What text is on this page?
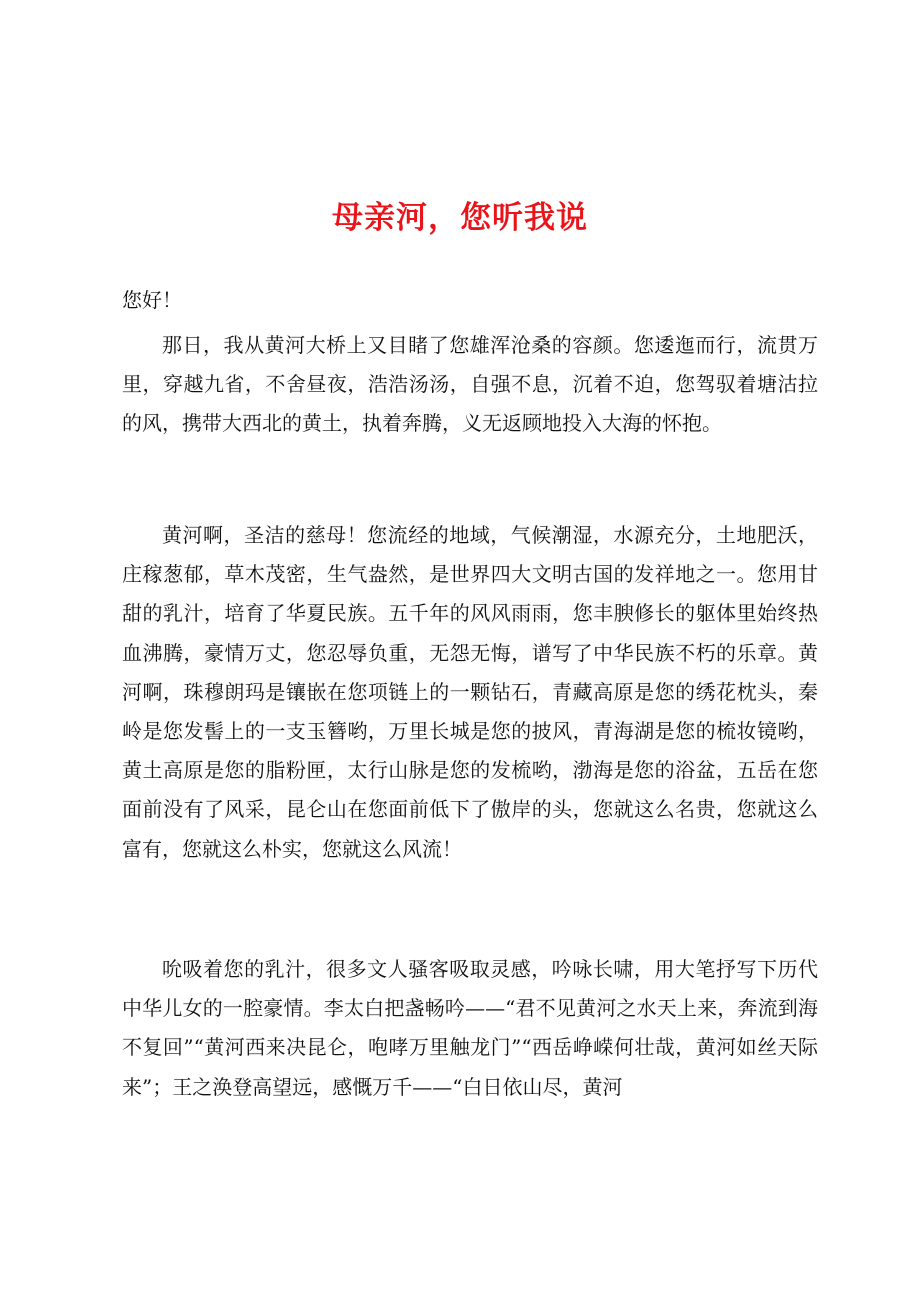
母亲河，您听我说
您好！

那日，我从黄河大桥上又目睹了您雄浑沧桑的容颜。您逶迤而行，流贯万里，穿越九省，不舍昼夜，浩浩汤汤，自强不息，沉着不迫，您驾驭着塘沽拉的风，携带大西北的黄土，执着奔腾，义无返顾地投入大海的怀抱。

黄河啊，圣洁的慈母！您流经的地域，气候潮湿，水源充分，土地肥沃，庄稼葱郁，草木茂密，生气盎然，是世界四大文明古国的发祥地之一。您用甘甜的乳汁，培育了华夏民族。五千年的风风雨雨，您丰腴修长的躯体里始终热血沸腾，豪情万丈，您忍辱负重，无怨无悔，谱写了中华民族不朽的乐章。黄河啊，珠穆朗玛是镶嵌在您项链上的一颗钻石，青藏高原是您的绣花枕头，秦岭是您发髻上的一支玉簪哟，万里长城是您的披风，青海湖是您的梳妆镜哟，黄土高原是您的脂粉匣，太行山脉是您的发梳哟，渤海是您的浴盆，五岳在您面前没有了风采，昆仑山在您面前低下了傲岸的头，您就这么名贵，您就这么富有，您就这么朴实，您就这么风流！

吮吸着您的乳汁，很多文人骚客吸取灵感，吟咏长啸，用大笔抒写下历代中华儿女的一腔豪情。李太白把盏畅吟——“君不见黄河之水天上来，奔流到海不复回”“黄河西来决昆仑，咆哮万里触龙门”“西岳峥嵘何壮哉，黄河如丝天际来”；王之涣登高望远，感慨万千——“白日依山尽，黄河
